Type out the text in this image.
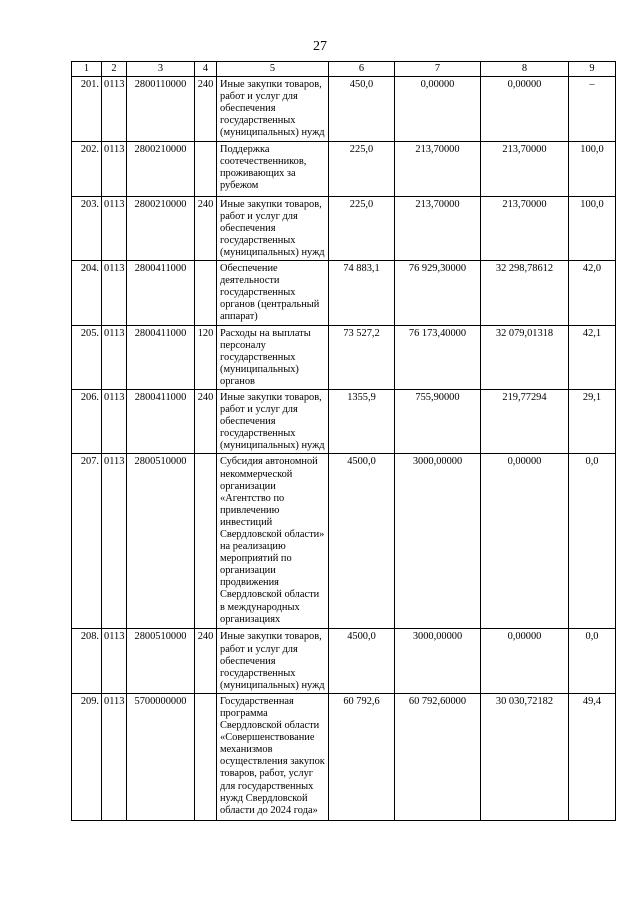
27
1	2	3	4	5	6	7	8	9
201.	0113	2800110000	240	Иные закупки товаров, работ и услуг для обеспечения государственных (муниципальных) нужд	450,0	0,00000	0,00000	–
202.	0113	2800210000		Поддержка соотечественников, проживающих за рубежом	225,0	213,70000	213,70000	100,0
203.	0113	2800210000	240	Иные закупки товаров, работ и услуг для обеспечения государственных (муниципальных) нужд	225,0	213,70000	213,70000	100,0
204.	0113	2800411000		Обеспечение деятельности государственных органов (центральный аппарат)	74 883,1	76 929,30000	32 298,78612	42,0
205.	0113	2800411000	120	Расходы на выплаты персоналу государственных (муниципальных) органов	73 527,2	76 173,40000	32 079,01318	42,1
206.	0113	2800411000	240	Иные закупки товаров, работ и услуг для обеспечения государственных (муниципальных) нужд	1355,9	755,90000	219,77294	29,1
207.	0113	2800510000		Субсидия автономной некоммерческой организации «Агентство по привлечению инвестиций Свердловской области» на реализацию мероприятий по организации продвижения Свердловской области в международных организациях	4500,0	3000,00000	0,00000	0,0
208.	0113	2800510000	240	Иные закупки товаров, работ и услуг для обеспечения государственных (муниципальных) нужд	4500,0	3000,00000	0,00000	0,0
209.	0113	5700000000		Государственная программа Свердловской области «Совершенствование механизмов осуществления закупок товаров, работ, услуг для государственных нужд Свердловской области до 2024 года»	60 792,6	60 792,60000	30 030,72182	49,4
